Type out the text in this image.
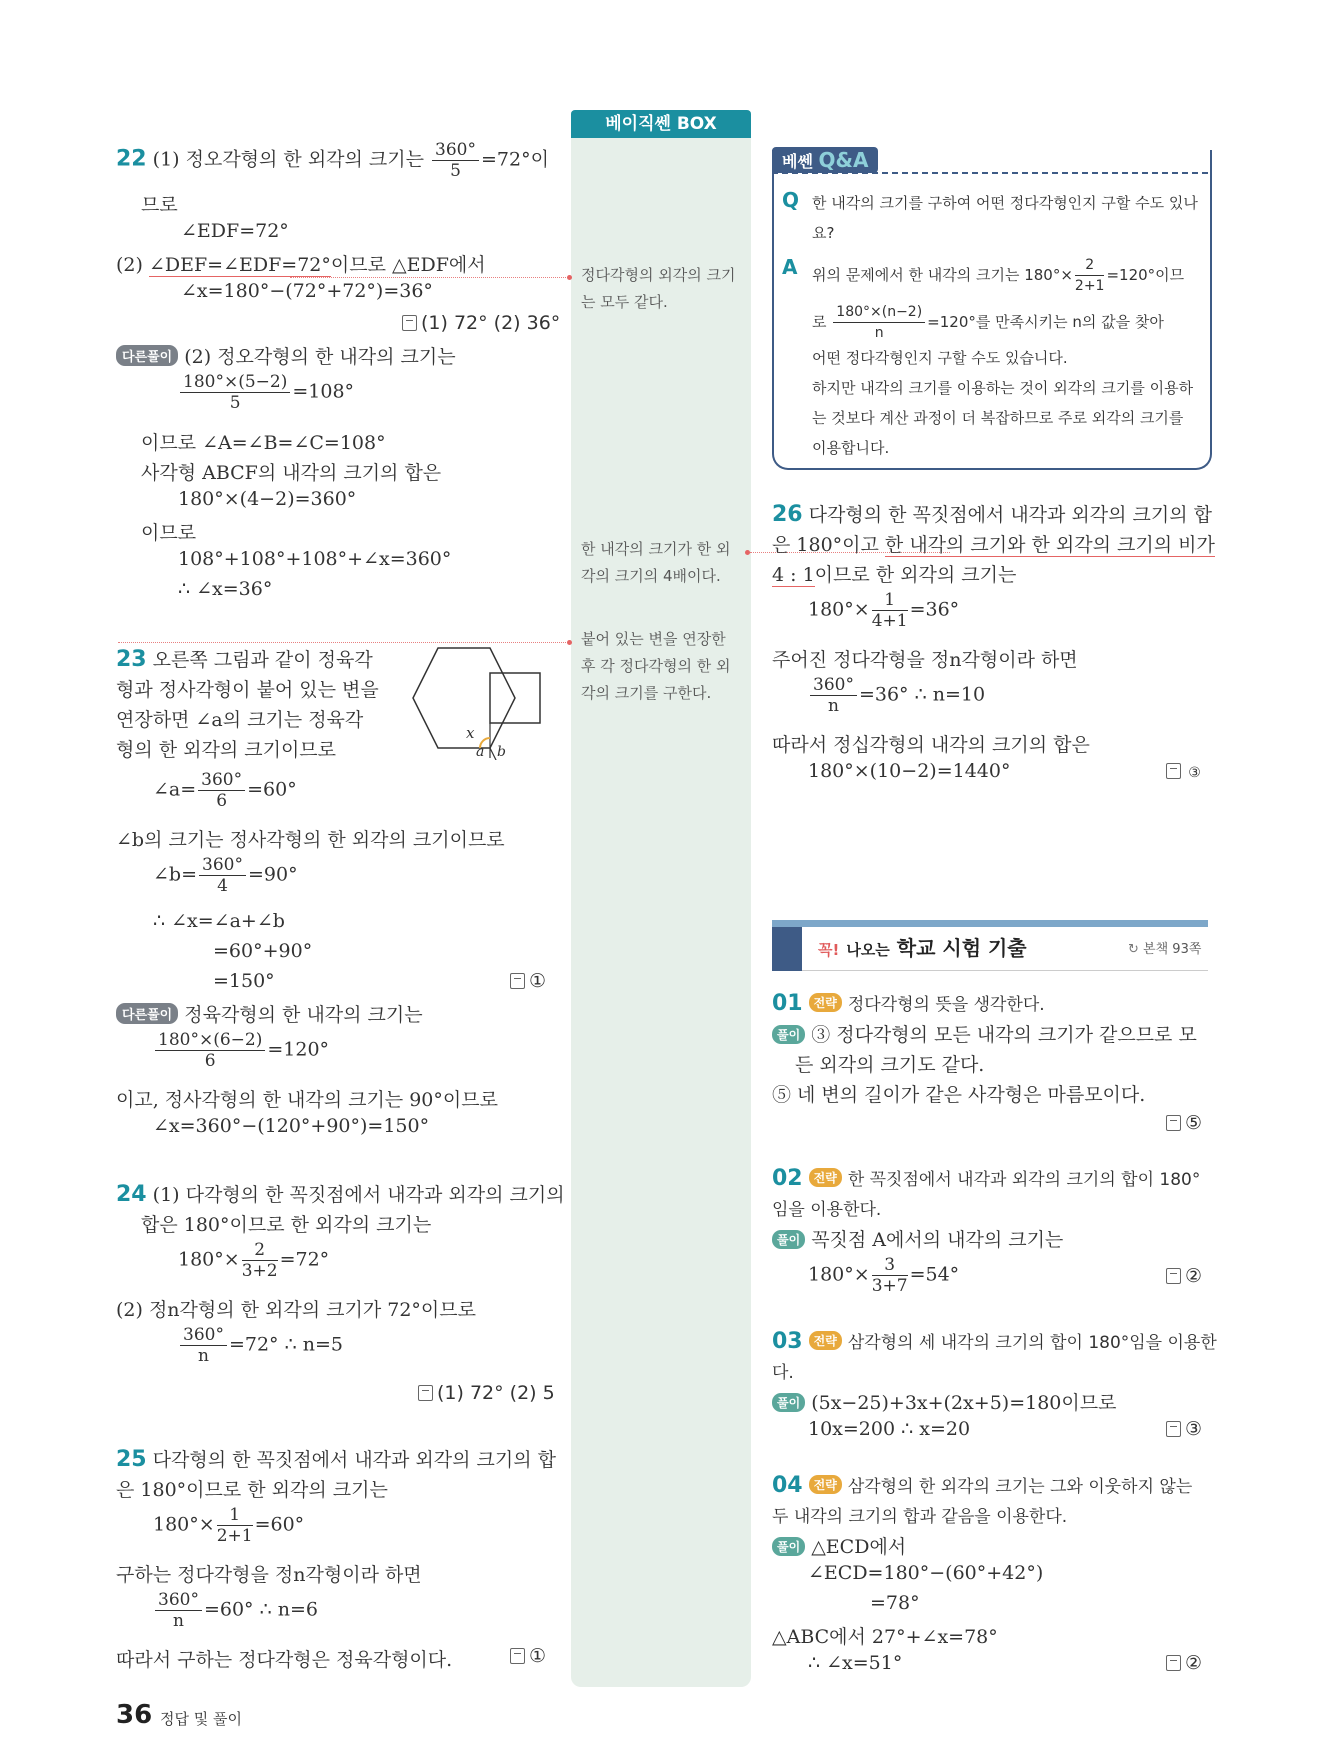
베이직쎈 BOX
정다각형의 외각의 크기는 모두 같다.
한 내각의 크기가 한 외각의 크기의 4배이다.
붙어 있는 변을 연장한 후 각 정다각형의 한 외각의 크기를 구한다.
22 (1) 정오각형의 한 외각의 크기는 $\frac{360^\circ}{5} =72^\circ$이
므로
∠EDF=72°
(2) ∠DEF=∠EDF=72°이므로 △EDF에서
∠x=180°−(72°+72°)=36°
(1) 72° (2) 36°
다른풀이 (2) 정오각형의 한 내각의 크기는
$\frac{180^\circ\times(5-2)}{5} =108^\circ$
이므로 ∠A=∠B=∠C=108°
사각형 ABCF의 내각의 크기의 합은
180°×(4−2)=360°
이므로
108°+108°+108°+∠x=360°
∴ ∠x=36°
23 오른쪽 그림과 같이 정육각
형과 정사각형이 붙어 있는 변을
연장하면 ∠a의 크기는 정육각
형의 한 외각의 크기이므로
x
a b
∠a= $\frac{360^\circ}{6} =60^\circ$
∠b의 크기는 정사각형의 한 외각의 크기이므로
∠b= $\frac{360^\circ}{4} =90^\circ$
∴ ∠x=∠a+∠b
=60°+90°
=150°	①
다른풀이 정육각형의 한 내각의 크기는
$\frac{180^\circ\times(6-2)}{6} =120^\circ$
이고, 정사각형의 한 내각의 크기는 90°이므로
∠x=360°−(120°+90°)=150°
24 (1) 다각형의 한 꼭짓점에서 내각과 외각의 크기의
합은 180°이므로 한 외각의 크기는
$180^\circ\times \frac{2}{3+2} =72^\circ$
(2) 정n각형의 한 외각의 크기가 72°이므로
$\frac{360^\circ}{n} =72^\circ$ ∴ n=5
(1) 72° (2) 5
25 다각형의 한 꼭짓점에서 내각과 외각의 크기의 합
은 180°이므로 한 외각의 크기는
$180^\circ\times \frac{1}{2+1} =60^\circ$
구하는 정다각형을 정n각형이라 하면
$\frac{360^\circ}{n} =60^\circ$ ∴ n=6
따라서 구하는 정다각형은 정육각형이다.	①
베쎈 Q&A
Q 한 내각의 크기를 구하여 어떤 정다각형인지 구할 수도 있나요?
A 위의 문제에서 한 내각의 크기는 $180^\circ\times \frac{2}{2+1} =120^\circ$이므
로 $\frac{180^\circ\times(n-2)}{n} =120^\circ$를 만족시키는 n의 값을 찾아
어떤 정다각형인지 구할 수도 있습니다.
하지만 내각의 크기를 이용하는 것이 외각의 크기를 이용하는 것보다 계산 과정이 더 복잡하므로 주로 외각의 크기를 이용합니다.
26 다각형의 한 꼭짓점에서 내각과 외각의 크기의 합
은 180°이고 한 내각의 크기와 한 외각의 크기의 비가
4 : 1이므로 한 외각의 크기는
$180^\circ\times \frac{1}{4+1} =36^\circ$
주어진 정다각형을 정n각형이라 하면
$\frac{360^\circ}{n} =36^\circ$ ∴ n=10
따라서 정십각형의 내각의 크기의 합은
180°×(10−2)=1440°	③
꼭! 나오는 학교 시험 기출	↻ 본책 93쪽
01 전략 정다각형의 뜻을 생각한다.
풀이 ③ 정다각형의 모든 내각의 크기가 같으므로 모
든 외각의 크기도 같다.
⑤ 네 변의 길이가 같은 사각형은 마름모이다.
⑤
02 전략 한 꼭짓점에서 내각과 외각의 크기의 합이 180°
임을 이용한다.
풀이 꼭짓점 A에서의 내각의 크기는
$180^\circ\times \frac{3}{3+7} =54^\circ$	②
03 전략 삼각형의 세 내각의 크기의 합이 180°임을 이용한
다.
풀이 (5x−25)+3x+(2x+5)=180이므로
10x=200 ∴ x=20	③
04 전략 삼각형의 한 외각의 크기는 그와 이웃하지 않는
두 내각의 크기의 합과 같음을 이용한다.
풀이 △ECD에서
∠ECD=180°−(60°+42°)
=78°
△ABC에서 27°+∠x=78°
∴ ∠x=51°	②
36 정답 및 풀이
